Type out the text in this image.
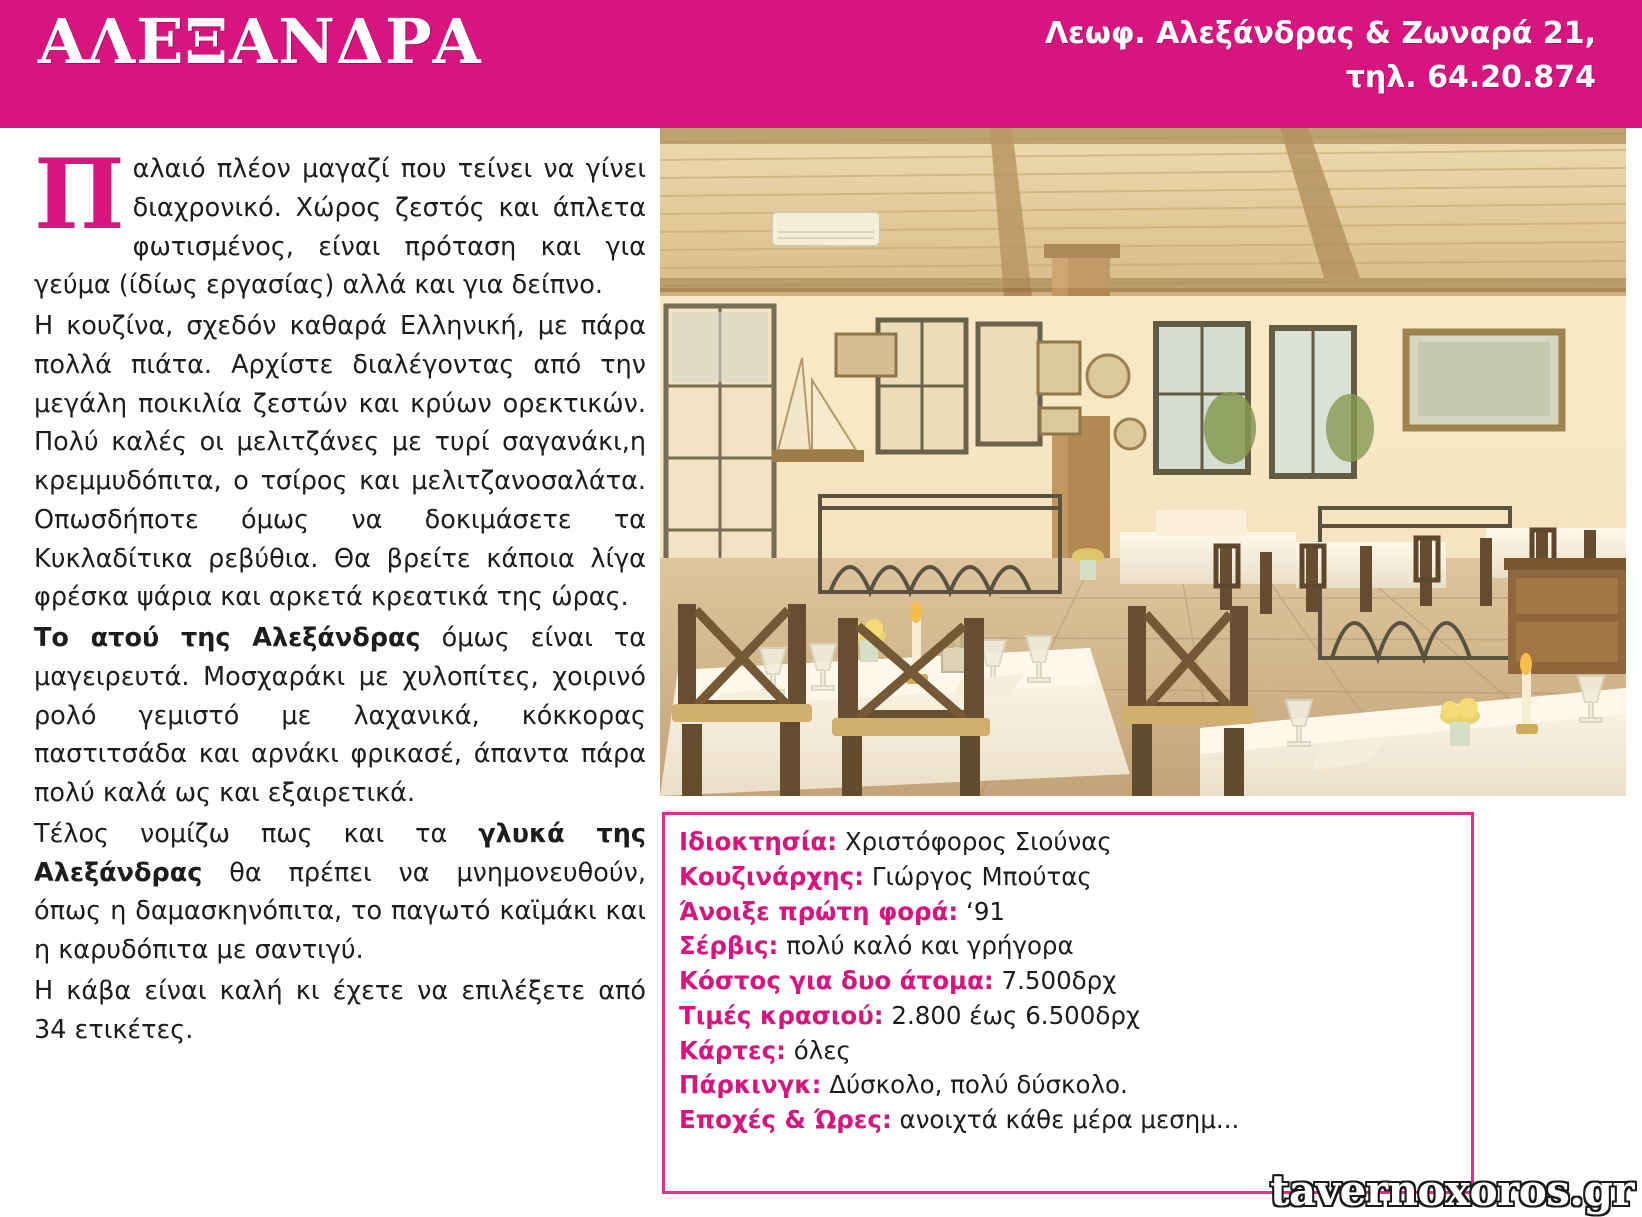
ΑΛΕΞΑΝΔΡΑ	Λεωφ. Αλεξάνδρας & Ζωναρά 21,
τηλ. 64.20.874

Παλαιό πλέον μαγαζί που τείνει να γίνει διαχρονικό. Χώρος ζεστός και άπλετα φωτισμένος, είναι πρόταση και για γεύμα (ίδίως εργασίας) αλλά και για δείπνο.

Η κουζίνα, σχεδόν καθαρά Ελληνική, με πάρα πολλά πιάτα. Αρχίστε διαλέγοντας από την μεγάλη ποικιλία ζεστών και κρύων ορεκτικών. Πολύ καλές οι μελιτζάνες με τυρί σαγανάκι,η κρεμμυδόπιτα, ο τσίρος και μελιτζανοσαλάτα. Οπωσδήποτε όμως να δοκιμάσετε τα Κυκλαδίτικα ρεβύθια. Θα βρείτε κάποια λίγα φρέσκα ψάρια και αρκετά κρεατικά της ώρας.

Το ατού της Αλεξάνδρας όμως είναι τα μαγειρευτά. Μοσχαράκι με χυλοπίτες, χοιρινό ρολό γεμιστό με λαχανικά, κόκκορας παστιτσάδα και αρνάκι φρικασέ, άπαντα πάρα πολύ καλά ως και εξαιρετικά.

Τέλος νομίζω πως και τα γλυκά της Αλεξάνδρας θα πρέπει να μνημονευθούν, όπως η δαμασκηνόπιτα, το παγωτό καϊμάκι και η καρυδόπιτα με σαντιγύ.

Η κάβα είναι καλή κι έχετε να επιλέξετε από 34 ετικέτες.

Ιδιοκτησία: Χριστόφορος Σιούνας
Κουζινάρχης: Γιώργος Μπούτας
Άνοιξε πρώτη φορά: ‘91
Σέρβις: πολύ καλό και γρήγορα
Κόστος για δυο άτομα: 7.500δρχ
Τιμές κρασιού: 2.800 έως 6.500δρχ
Κάρτες: όλες
Πάρκινγκ: Δύσκολο, πολύ δύσκολο.
Εποχές & Ώρες: ανοιχτά κάθε μέρα μεσημ...
tavernoxoros.gr
